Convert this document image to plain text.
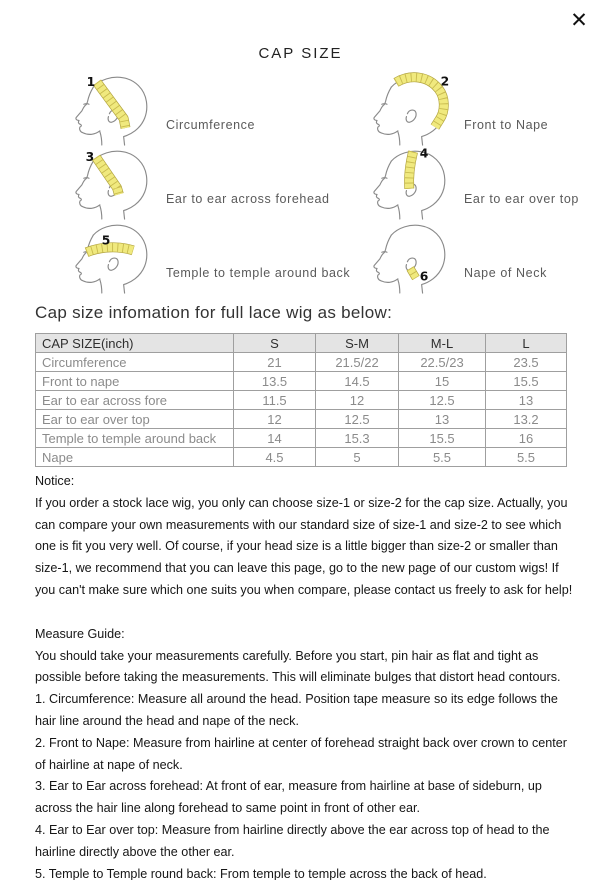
✕
CAP SIZE
1
Circumference
2
Front to Nape
3
Ear to ear across forehead
4
Ear to ear over top
5
Temple to temple around back	6	Nape of Neck
Cap size infomation for full lace wig as below:
CAP SIZE(inch)	S	S-M	M-L	L
Circumference	21	21.5/22	22.5/23	23.5
Front to nape	13.5	14.5	15	15.5
Ear to ear across fore	11.5	12	12.5	13
Ear to ear over top	12	12.5	13	13.2
Temple to temple around back	14	15.3	15.5	16
Nape	4.5	5	5.5	5.5

Notice:

If you order a stock lace wig, you only can choose size-1 or size-2 for the cap size. Actually, you can compare your own measurements with our standard size of size-1 and size-2 to see which one is fit you very well. Of course, if your head size is a little bigger than size-2 or smaller than size-1, we recommend that you can leave this page, go to the new page of our custom wigs! If you can't make sure which one suits you when compare, please contact us freely to ask for help!

Measure Guide:

You should take your measurements carefully. Before you start, pin hair as flat and tight as possible before taking the measurements. This will eliminate bulges that distort head contours.

1. Circumference: Measure all around the head. Position tape measure so its edge follows the hair line around the head and nape of the neck.

2. Front to Nape: Measure from hairline at center of forehead straight back over crown to center of hairline at nape of neck.

3. Ear to Ear across forehead: At front of ear, measure from hairline at base of sideburn, up across the hair line along forehead to same point in front of other ear.

4. Ear to Ear over top: Measure from hairline directly above the ear across top of head to the hairline directly above the other ear.

5. Temple to Temple round back: From temple to temple across the back of head.
